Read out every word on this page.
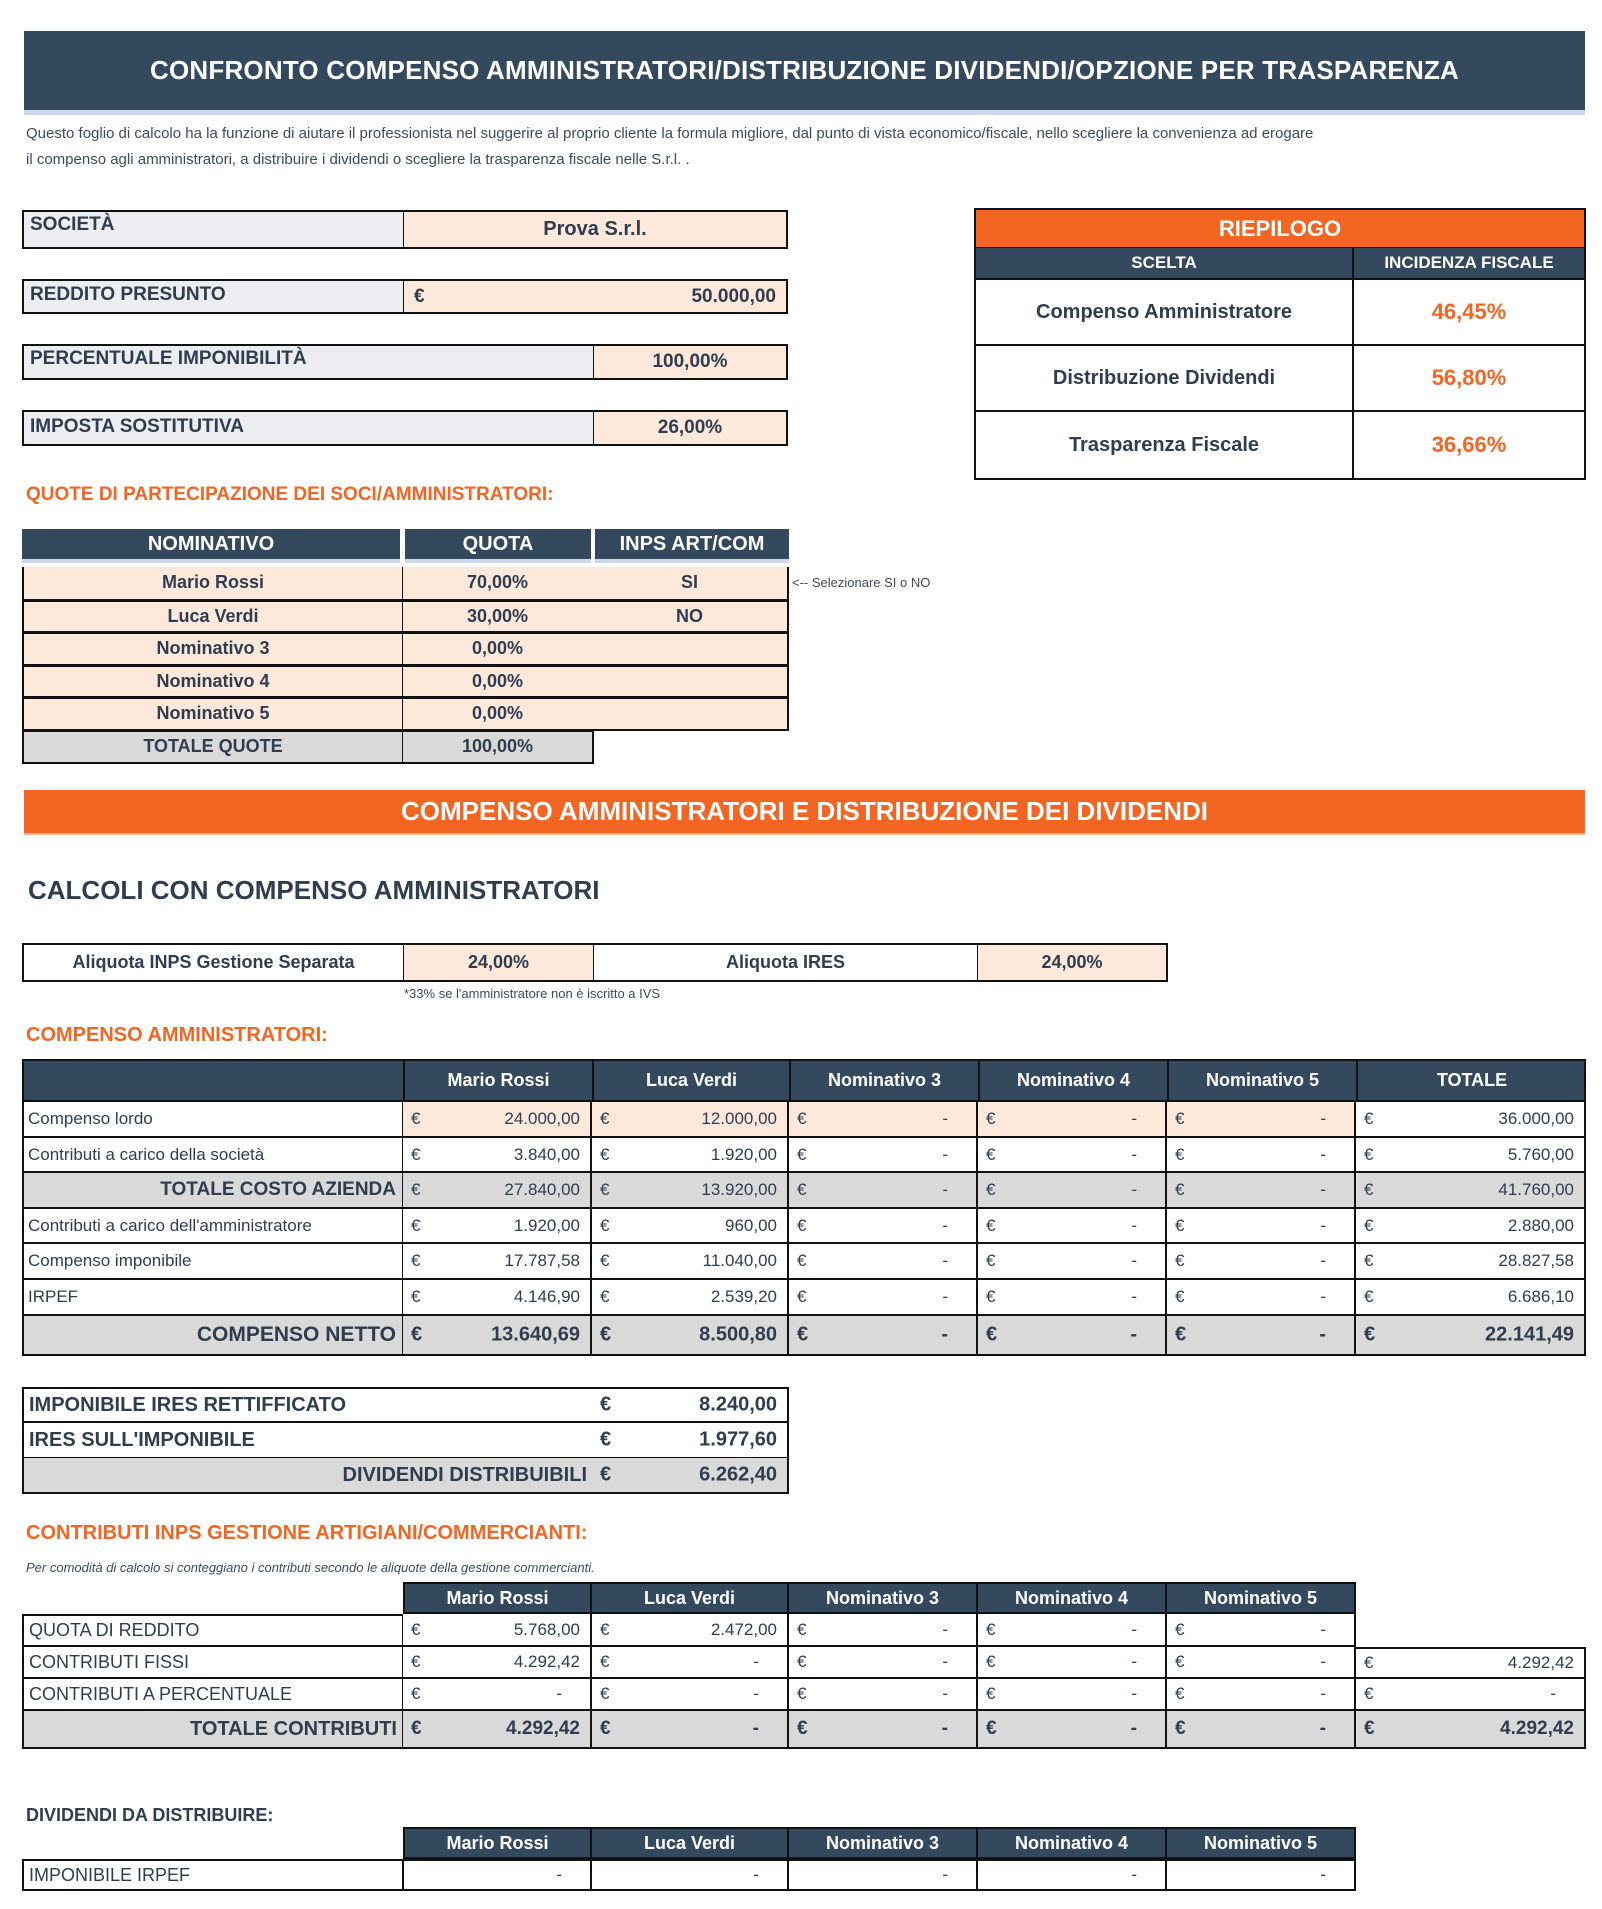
CONFRONTO COMPENSO AMMINISTRATORI/DISTRIBUZIONE DIVIDENDI/OPZIONE PER TRASPARENZA
Questo foglio di calcolo ha la funzione di aiutare il professionista nel suggerire al proprio cliente la formula migliore, dal punto di vista economico/fiscale, nello scegliere la convenienza ad erogare
il compenso agli amministratori, a distribuire i dividendi o scegliere la trasparenza fiscale nelle S.r.l. .
SOCIETÀ	Prova S.r.l.
REDDITO PRESUNTO	€	50.000,00
PERCENTUALE IMPONIBILITÀ	100,00%
IMPOSTA SOSTITUTIVA	26,00%
RIEPILOGO
SCELTA	INCIDENZA FISCALE
Compenso Amministratore	46,45%
Distribuzione Dividendi	56,80%
Trasparenza Fiscale	36,66%
QUOTE DI PARTECIPAZIONE DEI SOCI/AMMINISTRATORI:
NOMINATIVO	QUOTA	INPS ART/COM
Mario Rossi	70,00%	SI
Luca Verdi	30,00%	NO
Nominativo 3	0,00%
Nominativo 4	0,00%
Nominativo 5	0,00%
TOTALE QUOTE	100,00%
<-- Selezionare SI o NO
COMPENSO AMMINISTRATORI E DISTRIBUZIONE DEI DIVIDENDI
CALCOLI CON COMPENSO AMMINISTRATORI
Aliquota INPS Gestione Separata	24,00%	Aliquota IRES	24,00%
*33% se l'amministratore non è iscritto a IVS
COMPENSO AMMINISTRATORI:
Mario Rossi	Luca Verdi	Nominativo 3	Nominativo 4	Nominativo 5	TOTALE
Compenso lordo	€	24.000,00 €	12.000,00 €	- €	- €	- €	36.000,00
Contributi a carico della società	€	3.840,00 €	1.920,00 €	- €	- €	- €	5.760,00
TOTALE COSTO AZIENDA €	27.840,00 €	13.920,00 €	- €	- €	- €	41.760,00
Contributi a carico dell'amministratore	€	1.920,00 €	960,00 €	- €	- €	- €	2.880,00
Compenso imponibile	€	17.787,58 €	11.040,00 €	- €	- €	- €	28.827,58
IRPEF	€	4.146,90 €	2.539,20 €	- €	- €	- €	6.686,10
COMPENSO NETTO €	13.640,69 €	8.500,80 €	- €	- €	- €	22.141,49
IMPONIBILE IRES RETTIFFICATO	€	8.240,00
IRES SULL'IMPONIBILE	€	1.977,60
DIVIDENDI DISTRIBUIBILI €	6.262,40
CONTRIBUTI INPS GESTIONE ARTIGIANI/COMMERCIANTI:
Per comodità di calcolo si conteggiano i contributi secondo le aliquote della gestione commercianti.
Mario Rossi	Luca Verdi	Nominativo 3	Nominativo 4	Nominativo 5
QUOTA DI REDDITO	€	5.768,00 €	2.472,00 €	- €	- €	-
CONTRIBUTI FISSI	€	4.292,42 €	- €	- €	- €	- €	4.292,42
CONTRIBUTI A PERCENTUALE	€	- €	- €	- €	- €	- €	-
TOTALE CONTRIBUTI €	4.292,42 €	- €	- €	- €	- €	4.292,42
DIVIDENDI DA DISTRIBUIRE:
Mario Rossi	Luca Verdi	Nominativo 3	Nominativo 4	Nominativo 5
IMPONIBILE IRPEF	-	-	-	-	-
